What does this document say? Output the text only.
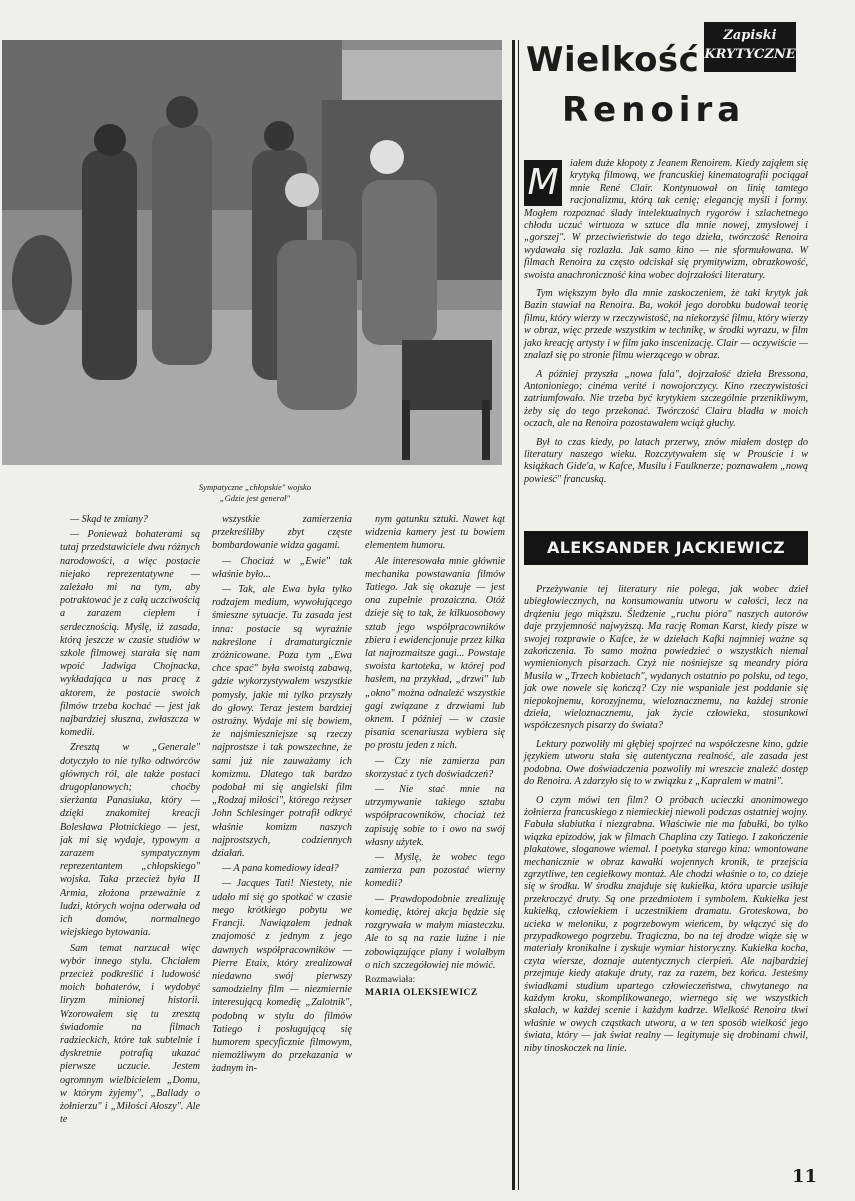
Sympatyczne „chłopskie" wojsko
„Gdzie jest generał"

— Skąd te zmiany?

— Ponieważ bohaterami są tutaj przedstawiciele dwu różnych narodowości, a więc postacie niejako reprezentatywne — zależało mi na tym, aby potraktować je z całą uczciwością a zarazem ciepłem i serdecznością. Myślę, iż zasada, którą jeszcze w czasie studiów w szkole filmowej starała się nam wpoić Jadwiga Chojnacka, wykładająca u nas pracę z aktorem, że postacie swoich filmów trzeba kochać — jest jak najbardziej słuszna, zwłaszcza w komedii.

Zresztą w „Generale" dotyczyło to nie tylko odtwórców głównych ról, ale także postaci drugoplanowych; choćby sierżanta Panasiuka, który — dzięki znakomitej kreacji Bolesława Płotnickiego — jest, jak mi się wydaje, typowym a zarazem sympatycznym reprezentantem „chłopskiego" wojska. Taka przecież była II Armia, złożona przeważnie z ludzi, których wojna oderwała od ich domów, normalnego wiejskiego bytowania.

Sam temat narzucał więc wybór innego stylu. Chciałem przecież podkreślić i ludowość moich bohaterów, i wydobyć liryzm minionej historii. Wzorowałem się tu zresztą świadomie na filmach radzieckich, które tak subtelnie i dyskretnie potrafią ukazać pierwsze uczucie. Jestem ogromnym wielbicielem „Domu, w którym żyjemy", „Ballady o żołnierzu" i „Miłości Ałoszy". Ale te

wszystkie zamierzenia przekreśliłby zbyt częste bombardowanie widza gagami.

— Chociaż w „Ewie" tak właśnie było...

— Tak, ale Ewa była tylko rodzajem medium, wywołującego śmieszne sytuacje. Tu zasada jest inna: postacie są wyraźnie nakreślone i dramaturgicznie zróżnicowane. Poza tym „Ewa chce spać" była swoistą zabawą, gdzie wykorzystywałem wszystkie pomysły, jakie mi tylko przyszły do głowy. Teraz jestem bardziej ostrożny. Wydaje mi się bowiem, że najśmieszniejsze są rzeczy najprostsze i tak powszechne, że sami już nie zauważamy ich komizmu. Dlatego tak bardzo podobał mi się angielski film „Rodzaj miłości", którego reżyser John Schlesinger potrafił odkryć właśnie komizm naszych najprostszych, codziennych działań.

— A pana komediowy ideał?

— Jacques Tati! Niestety, nie udało mi się go spotkać w czasie mego krótkiego pobytu we Francji. Nawiązałem jednak znajomość z jednym z jego dawnych współpracowników — Pierre Etaix, który zrealizował niedawno swój pierwszy samodzielny film — niezmiernie interesującą komedię „Zalotnik", podobną w stylu do filmów Tatiego i posługującą się humorem specyficznie filmowym, niemożliwym do przekazania w żadnym in-

nym gatunku sztuki. Nawet kąt widzenia kamery jest tu bowiem elementem humoru.

Ale interesowała mnie głównie mechanika powstawania filmów Tatiego. Jak się okazuje — jest ona zupełnie prozaiczna. Otóż dzieje się to tak, że kilkuosobowy sztab jego współpracowników zbiera i ewidencjonuje przez kilka lat najrozmaitsze gagi... Powstaje swoista kartoteka, w której pod hasłem, na przykład, „drzwi" lub „okno" można odnaleźć wszystkie gagi związane z drzwiami lub oknem. I później — w czasie pisania scenariusza wybiera się po prostu jeden z nich.

— Czy nie zamierza pan skorzystać z tych doświadczeń?

— Nie stać mnie na utrzymywanie takiego sztabu współpracowników, chociaż też zapisuję sobie to i owo na swój własny użytek.

— Myślę, że wobec tego zamierza pan pozostać wierny komedii?

— Prawdopodobnie zrealizuję komedię, której akcja będzie się rozgrywała w małym miasteczku. Ale to są na razie luźne i nie zobowiązujące plany i wolałbym o nich szczegółowiej nie mówić.

Rozmawiała:
MARIA OLEKSIEWICZ

Wielkość
Zapiski
KRYTYCZNE
Renoira

M	iałem duże kłopoty z Jeanem Renoirem. Kiedy zająłem się krytyką filmową, we francuskiej kinematografii pociągał mnie René Clair. Kontynuował on linię tamtego racjonalizmu, którą tak cenię; elegancję myśli i formy. Mogłem rozpoznać ślady intelektualnych rygorów i szlachetnego chłodu uczuć wirtuoza w sztuce dla mnie nowej, zmysłowej i „gorszej". W przeciwieństwie do tego dzieła, twórczość Renoira wydawała się rozlazła. Jak samo kino — nie sformułowana. W filmach Renoira za często odciskał się prymitywizm, obrazkowość, swoista anachroniczność kina wobec dojrzałości literatury.

Tym większym było dla mnie zaskoczeniem, że taki krytyk jak Bazin stawiał na Renoira. Ba, wokół jego dorobku budował teorię filmu, który wierzy w rzeczywistość, na niekorzyść filmu, który wierzy w obraz, więc przede wszystkim w technikę, w środki wyrazu, w film jako kreację artysty i w film jako inscenizację. Clair — oczywiście — znalazł się po stronie filmu wierzącego w obraz.

A później przyszła „nowa fala", dojrzałość dzieła Bressona, Antonioniego; cinéma verité i nowojorczycy. Kino rzeczywistości zatriumfowało. Nie trzeba być krytykiem szczególnie przenikliwym, żeby się do tego przekonać. Twórczość Claira bladła w moich oczach, ale na Renoira pozostawałem wciąż głuchy.

Był to czas kiedy, po latach przerwy, znów miałem dostęp do literatury naszego wieku. Rozczytywałem się w Prouście i w książkach Gide'a, w Kafce, Musilu i Faulknerze; poznawałem „nową powieść" francuską.

ALEKSANDER JACKIEWICZ

Przeżywanie tej literatury nie polega, jak wobec dzieł ubiegłowiecznych, na konsumowaniu utworu w całości, lecz na drążeniu jego miąższu. Śledzenie „ruchu pióra" naszych autorów daje przyjemność najwyższą. Ma rację Roman Karst, kiedy pisze w swojej rozprawie o Kafce, że w dziełach Kafki najmniej ważne są zakończenia. To samo można powiedzieć o wszystkich niemal wymienionych pisarzach. Czyż nie nośniejsze są meandry pióra Musila w „Trzech kobietach", wydanych ostatnio po polsku, od tego, jak owe nowele się kończą? Czy nie wspaniale jest poddanie się niepokojnemu, korozyjnemu, wieloznacznemu, na każdej stronie dzieła, wieloznacznemu, jak życie człowieka, stosunkowi współczesnych pisarzy do świata?

Lektury pozwoliły mi głębiej spojrzeć na współczesne kino, gdzie językiem utworu stała się autentyczna realność, ale zasada jest podobna. Owe doświadczenia pozwoliły mi wreszcie znaleźć dostęp do Renoira. A zdarzyło się to w związku z „Kapralem w matni".

O czym mówi ten film? O próbach ucieczki anonimowego żołnierza francuskiego z niemieckiej niewoli podczas ostatniej wojny. Fabuła słabiutka i niezgrabna. Właściwie nie ma fabułki, bo tylko wiązka epizodów, jak w filmach Chaplina czy Tatiego. I zakończenie plakatowe, sloganowe wiemal. I poetyka starego kina: wmontowane mechanicznie w obraz kawałki wojennych kronik, te przejścia zgrzytliwe, ten cegiełkowy montaż. Ale chodzi właśnie o to, co dzieje się w środku. W środku znajduje się kukiełka, która uparcie usiłuje przekroczyć druty. Są one przedmiotem i symbolem. Kukiełka jest kukiełką, człowiekiem i uczestnikiem dramatu. Groteskowa, bo ucieka w meloniku, z pogrzebowym wieńcem, by włączyć się do przypadkowego pogrzebu. Tragiczna, bo na tej drodze wiąże się w materiały kronikalne i zyskuje wymiar historyczny. Kukiełka kocha, czyta wiersze, doznaje autentycznych cierpień. Ale najbardziej przejmuje kiedy atakuje druty, raz za razem, bez końca. Jesteśmy świadkami studium upartego człowieczeństwa, chwytanego na każdym kroku, skomplikowanego, wiernego się we wszystkich skalach, w każdej scenie i każdym kadrze. Wielkość Renoira tkwi właśnie w owych cząstkach utworu, a w ten sposób wielkość jego świata, który — jak świat realny — legitymuje się drobinami chwil, niby tinoskoczek na linie.

11
